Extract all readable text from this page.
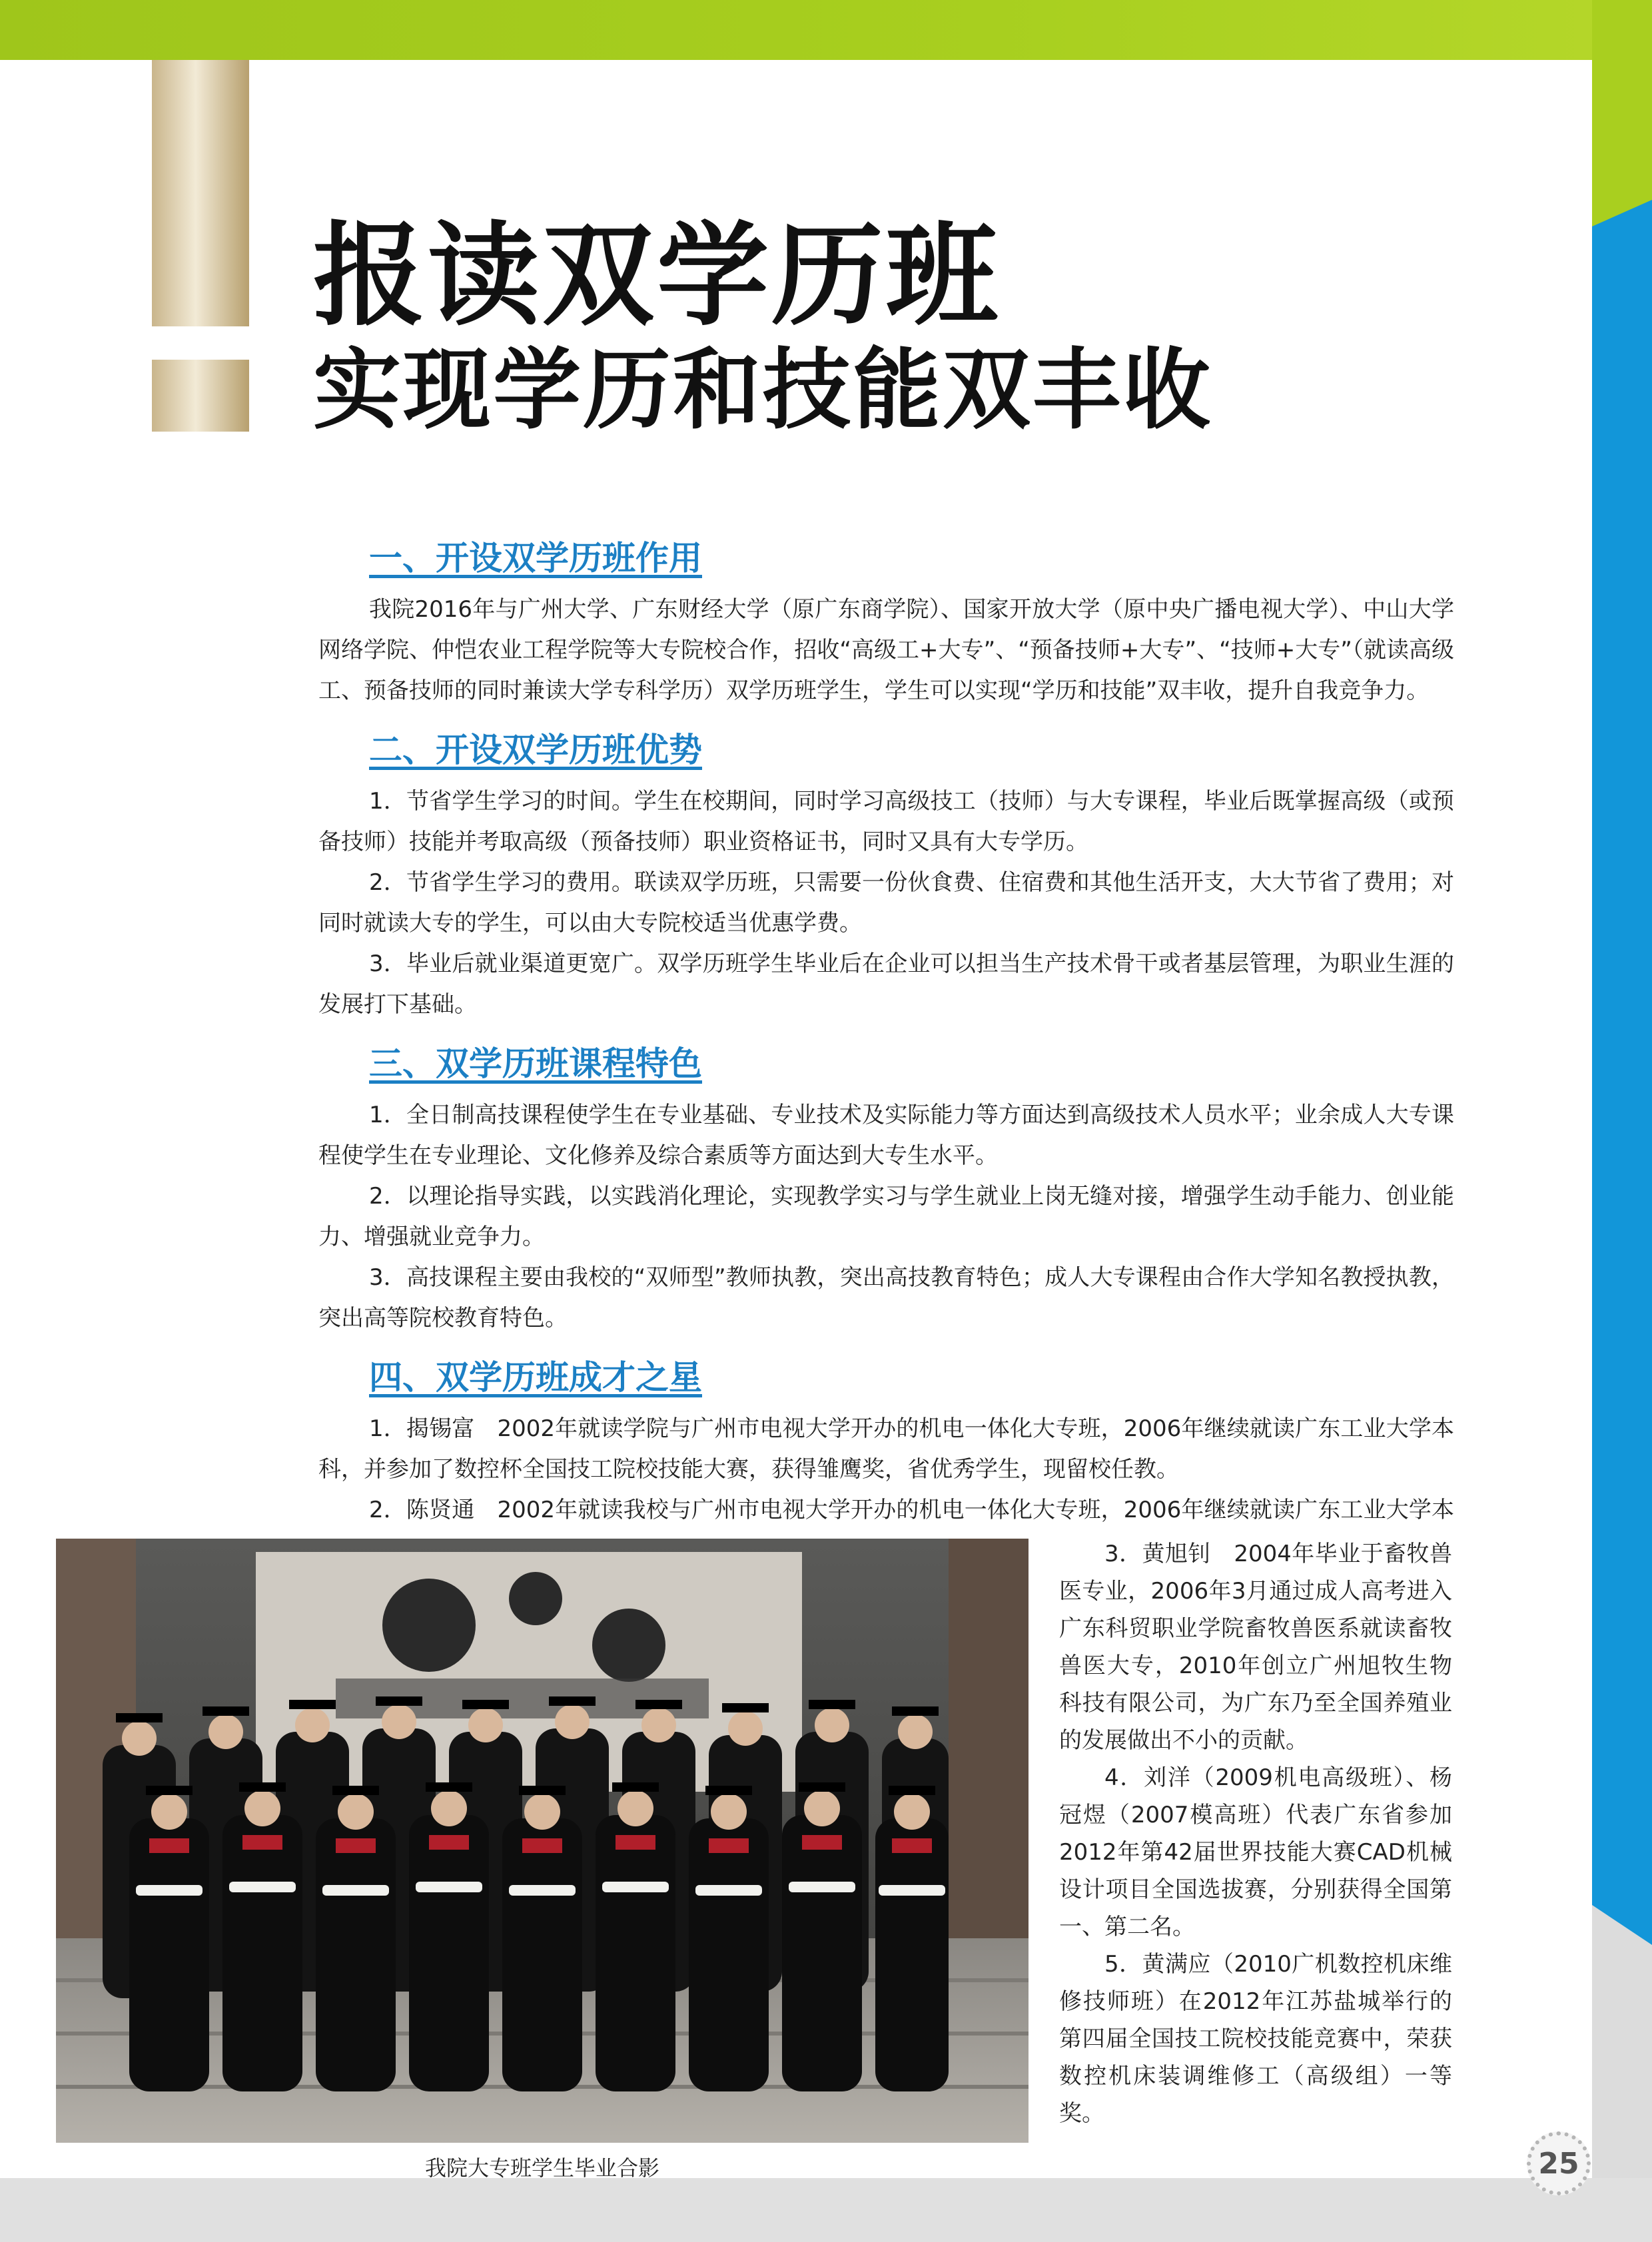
报读双学历班
实现学历和技能双丰收
一、开设双学历班作用

我院2016年与广州大学、广东财经大学（原广东商学院）、国家开放大学（原中央广播电视大学）、中山大学网络学院、仲恺农业工程学院等大专院校合作，招收“高级工+大专”、“预备技师+大专”、“技师+大专”（就读高级工、预备技师的同时兼读大学专科学历）双学历班学生，学生可以实现“学历和技能”双丰收，提升自我竞争力。

二、开设双学历班优势

1．节省学生学习的时间。学生在校期间，同时学习高级技工（技师）与大专课程，毕业后既掌握高级（或预备技师）技能并考取高级（预备技师）职业资格证书，同时又具有大专学历。

2．节省学生学习的费用。联读双学历班，只需要一份伙食费、住宿费和其他生活开支，大大节省了费用；对同时就读大专的学生，可以由大专院校适当优惠学费。

3．毕业后就业渠道更宽广。双学历班学生毕业后在企业可以担当生产技术骨干或者基层管理，为职业生涯的发展打下基础。

三、双学历班课程特色

1．全日制高技课程使学生在专业基础、专业技术及实际能力等方面达到高级技术人员水平；业余成人大专课程使学生在专业理论、文化修养及综合素质等方面达到大专生水平。

2．以理论指导实践，以实践消化理论，实现教学实习与学生就业上岗无缝对接，增强学生动手能力、创业能力、增强就业竞争力。

3．高技课程主要由我校的“双师型”教师执教，突出高技教育特色；成人大专课程由合作大学知名教授执教，突出高等院校教育特色。

四、双学历班成才之星

1．揭锡富　2002年就读学院与广州市电视大学开办的机电一体化大专班，2006年继续就读广东工业大学本科，并参加了数控杯全国技工院校技能大赛，获得雏鹰奖，省优秀学生，现留校任教。

2．陈贤通　2002年就读我校与广州市电视大学开办的机电一体化大专班，2006年继续就读广东工业大学本

我院大专班学生毕业合影

3．黄旭钊　2004年毕业于畜牧兽医专业，2006年3月通过成人高考进入广东科贸职业学院畜牧兽医系就读畜牧兽医大专，2010年创立广州旭牧生物科技有限公司，为广东乃至全国养殖业的发展做出不小的贡献。

4．刘洋（2009机电高级班）、杨冠煜（2007模高班）代表广东省参加2012年第42届世界技能大赛CAD机械设计项目全国选拔赛，分别获得全国第一、第二名。

5．黄满应（2010广机数控机床维修技师班）在2012年江苏盐城举行的第四届全国技工院校技能竞赛中，荣获数控机床装调维修工（高级组）一等奖。

25
